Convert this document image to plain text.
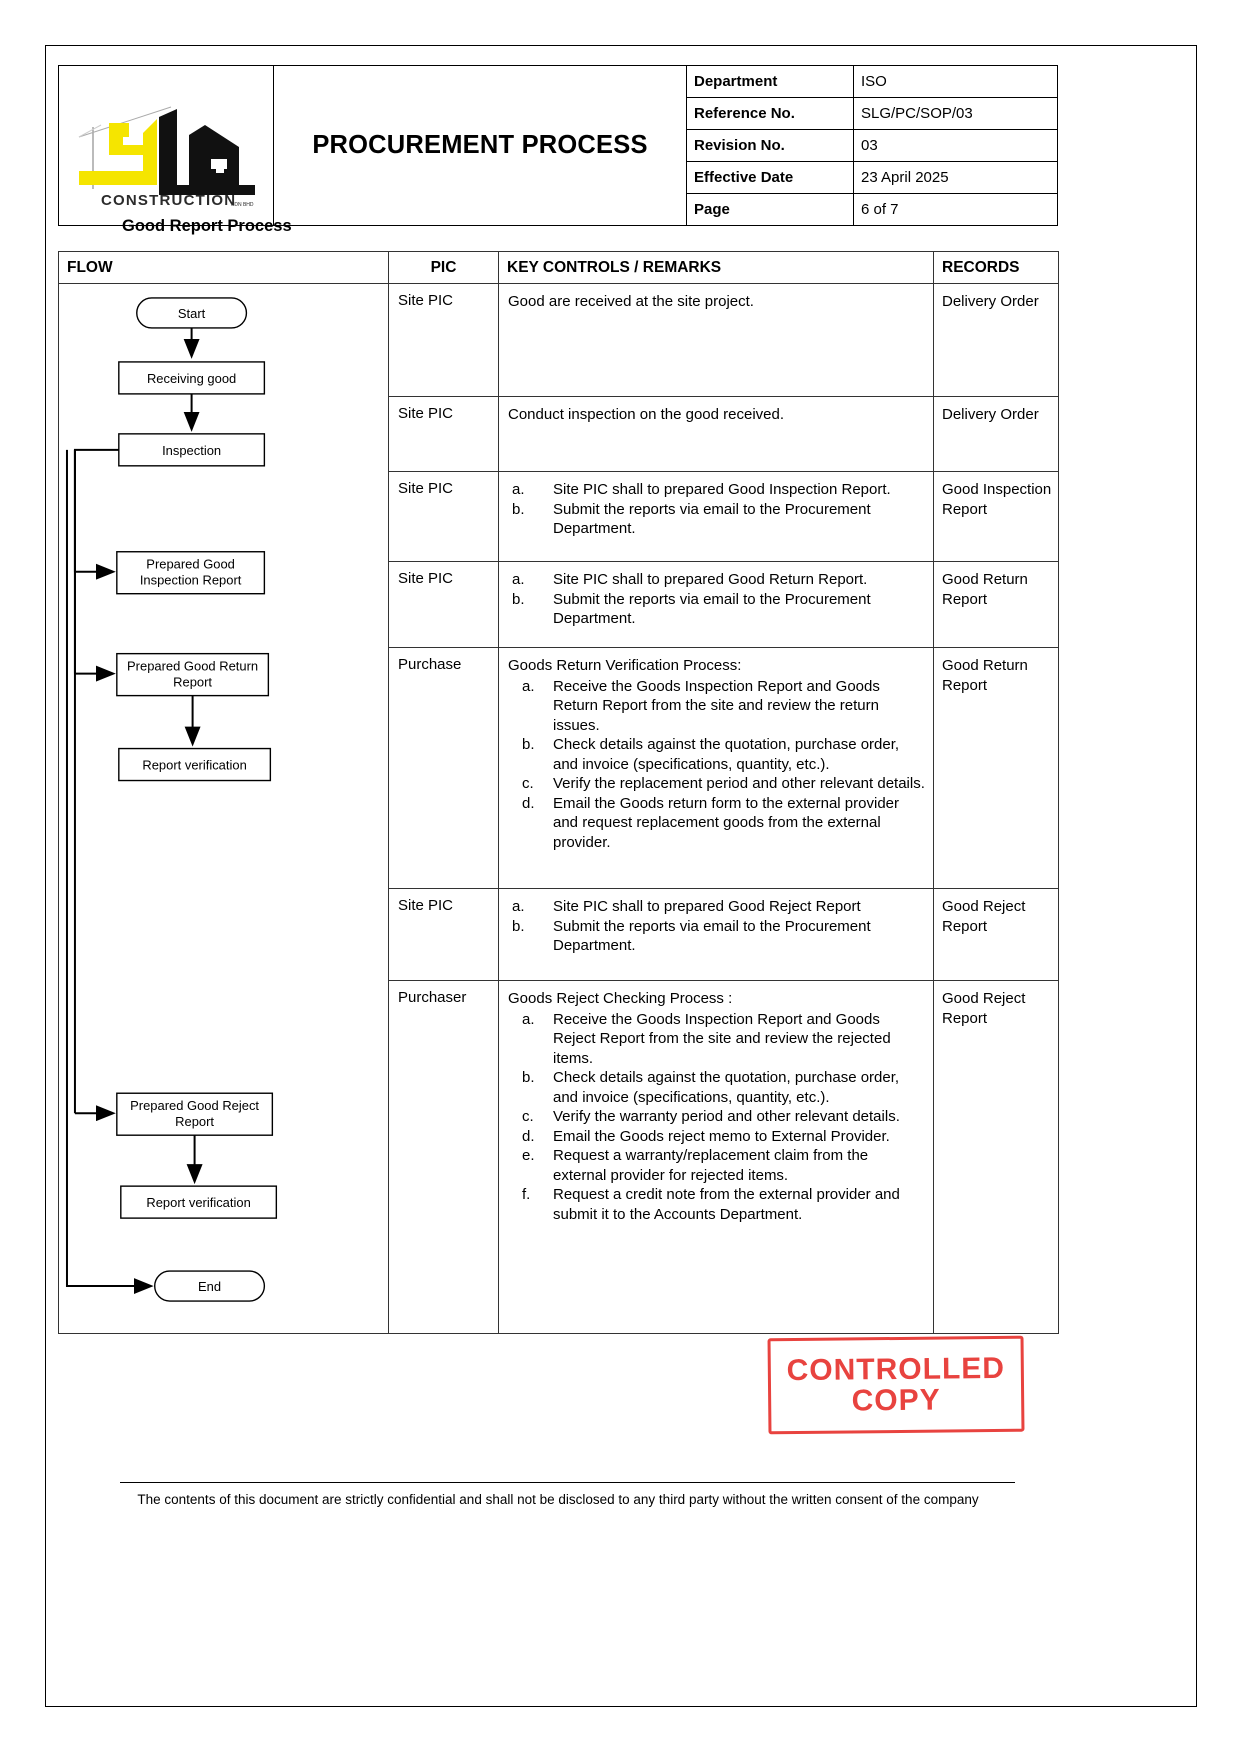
CONSTRUCTION
SDN BHD
PROCUREMENT PROCESS
Department	ISO
Reference No.	SLG/PC/SOP/03
Revision No.	03
Effective Date	23 April 2025
Page	6 of 7
Good Report Process
FLOW	PIC	KEY CONTROLS / REMARKS	RECORDS

Start
Receiving good
Inspection
Prepared Good
Inspection Report
Prepared Good Return
Report
Report verification
Prepared Good Reject
Report
Report verification
End
	Site PIC	Good are received at the site project.	Delivery Order
	Site PIC	Conduct inspection on the good received.	Delivery Order
Site PIC	a. Site PIC shall to prepared Good Inspection Report.
b. Submit the reports via email to the Procurement Department.
	Good Inspection Report
Site PIC	a. Site PIC shall to prepared Good Return Report.
b. Submit the reports via email to the Procurement Department.
	Good Return Report
Purchase	Goods Return Verification Process:
a. Receive the Goods Inspection Report and Goods Return Report from the site and review the return issues.
b. Check details against the quotation, purchase order, and invoice (specifications, quantity, etc.).
c. Verify the replacement period and other relevant details.
d. Email the Goods return form to the external provider and request replacement goods from the external provider.
	Good Return Report
Site PIC	a. Site PIC shall to prepared Good Reject Report
b. Submit the reports via email to the Procurement Department.
	Good Reject Report
Purchaser	Goods Reject Checking Process :
a. Receive the Goods Inspection Report and Goods Reject Report from the site and review the rejected items.
b. Check details against the quotation, purchase order, and invoice (specifications, quantity, etc.).
c. Verify the warranty period and other relevant details.
d. Email the Goods reject memo to External Provider.
e. Request a warranty/replacement claim from the external provider for rejected items.
f. Request a credit note from the external provider and submit it to the Accounts Department.
	Good Reject Report
CONTROLLED
COPY
The contents of this document are strictly confidential and shall not be disclosed to any third party without the written consent of the company
